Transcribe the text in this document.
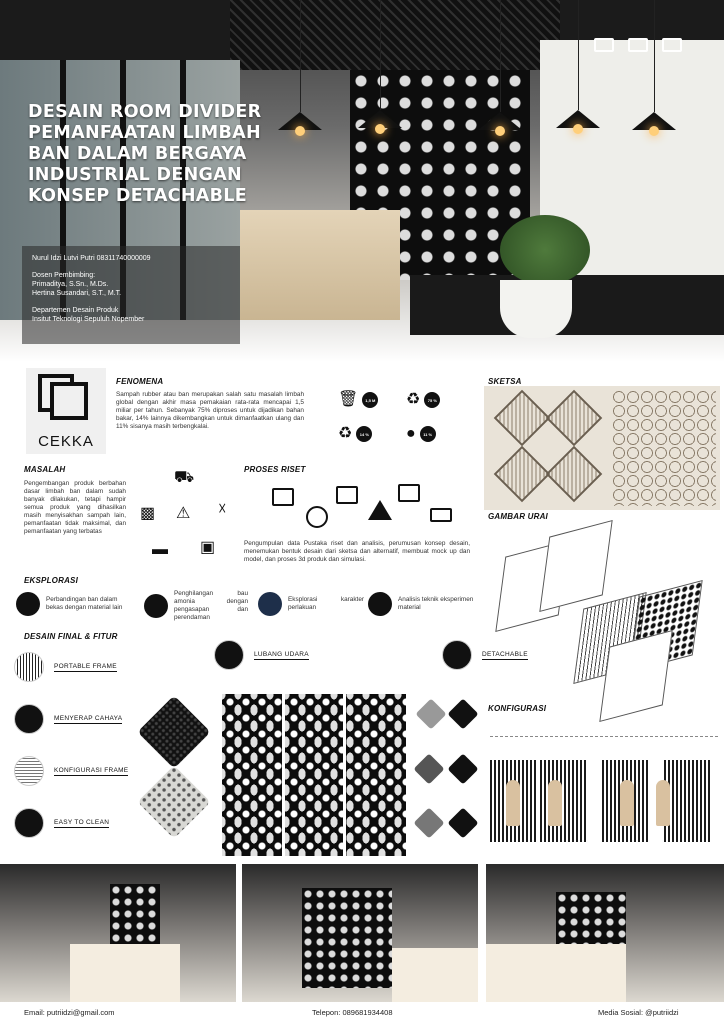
DESAIN ROOM DIVIDER
PEMANFAATAN LIMBAH
BAN DALAM BERGAYA
INDUSTRIAL DENGAN
KONSEP DETACHABLE
Nurul Idzi Lutvi Putri 08311740000009
Dosen Pembimbing:
Primaditya, S.Sn., M.Ds.
Hertina Susandari, S.T., M.T.
Departemen Desain Produk
Insitut Teknologi Sepuluh Nopember
CEKKA
FENOMENA
Sampah rubber atau ban merupakan salah satu masalah limbah global dengan akhir masa pemakaian rata-rata mencapai 1,5 miliar per tahun. Sebanyak 75% diproses untuk dijadikan bahan bakar, 14% lainnya dikembangkan untuk dimanfaatkan ulang dan 11% sisanya masih terbengkalai.
🗑	1,5 M ♻	75 %
♻	14 % ●	11 %
SKETSA
MASALAH
Pengembangan produk berbahan dasar limbah ban dalam sudah banyak dilakukan, tetapi hampir semua produk yang dihasilkan masih menyisakhan sampah lain, pemanfaatan tidak maksimal, dan pemanfaatan yang terbatas
⛟
▩ ⚠ ☓
▬ ▣
PROSES RISET
Pengumpulan data Pustaka riset dan analisis, perumusan konsep desain, menemukan bentuk desain dari sketsa dan alternatif, membuat mock up dan model, dan proses 3d produk dan simulasi.
GAMBAR URAI
EKSPLORASI
Perbandingan ban dalam bekas dengan material lain
Penghilangan bau amonia dengan pengasapan dan perendaman
Eksplorasi karakter perlakuan
Analisis teknik eksperimen material
DESAIN FINAL & FITUR
PORTABLE FRAME
MENYERAP CAHAYA
KONFIGURASI FRAME
EASY TO CLEAN
LUBANG UDARA	DETACHABLE
KONFIGURASI
Email: putriidzi@gmail.com	Telepon: 089681934408	Media Sosial: @putriidzi
